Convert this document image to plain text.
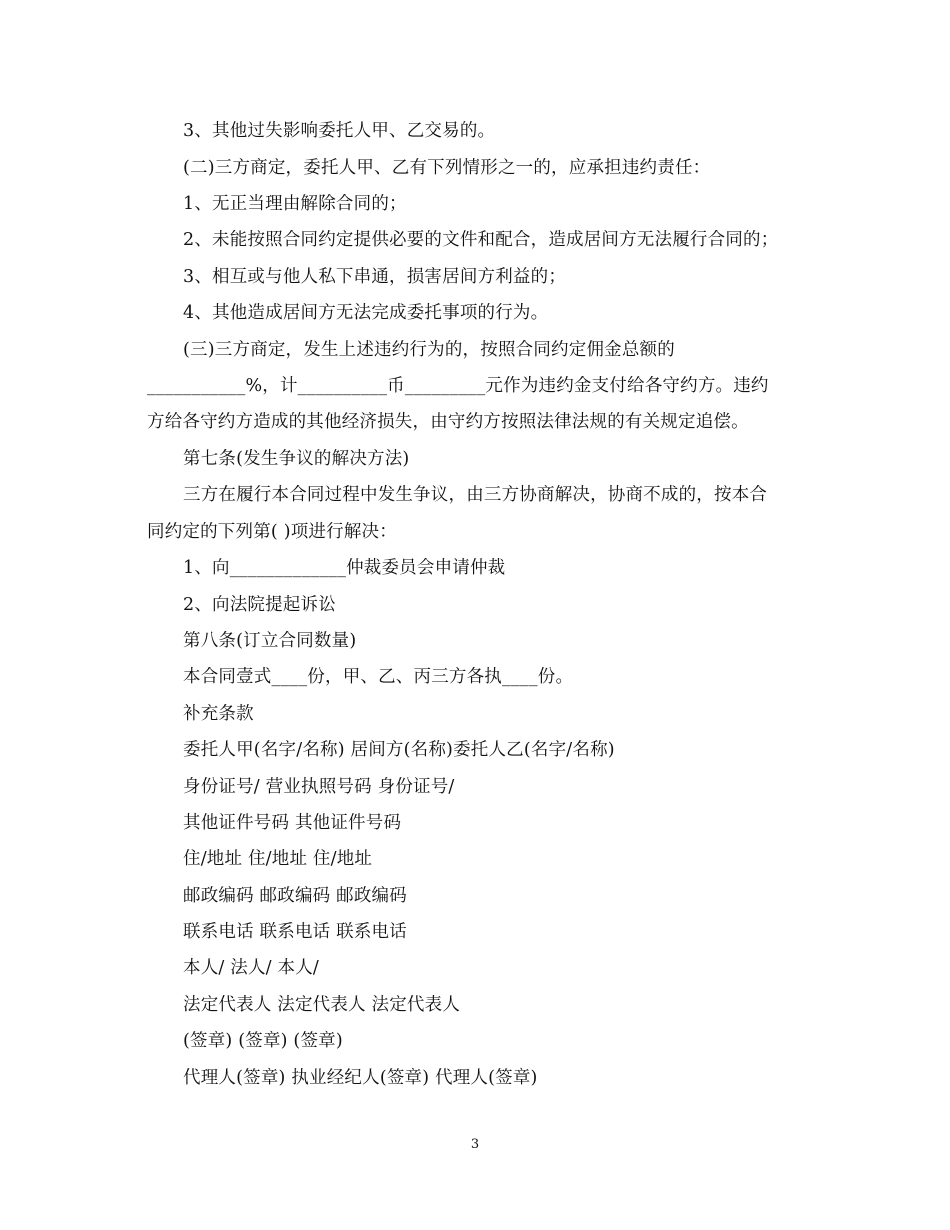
3、其他过失影响委托人甲、乙交易的。
(二)三方商定，委托人甲、乙有下列情形之一的，应承担违约责任：
1、无正当理由解除合同的；
2、未能按照合同约定提供必要的文件和配合，造成居间方无法履行合同的；
3、相互或与他人私下串通，损害居间方利益的；
4、其他造成居间方无法完成委托事项的行为。
(三)三方商定，发生上述违约行为的，按照合同约定佣金总额的
___________%，计__________币_________元作为违约金支付给各守约方。违约
方给各守约方造成的其他经济损失，由守约方按照法律法规的有关规定追偿。
第七条(发生争议的解决方法)
三方在履行本合同过程中发生争议，由三方协商解决，协商不成的，按本合
同约定的下列第( )项进行解决：
1、向_____________仲裁委员会申请仲裁
2、向法院提起诉讼
第八条(订立合同数量)
本合同壹式____份，甲、乙、丙三方各执____份。
补充条款
委托人甲(名字/名称) 居间方(名称)委托人乙(名字/名称)
身份证号/ 营业执照号码 身份证号/
其他证件号码 其他证件号码
住/地址 住/地址 住/地址
邮政编码 邮政编码 邮政编码
联系电话 联系电话 联系电话
本人/ 法人/ 本人/
法定代表人 法定代表人 法定代表人
(签章) (签章) (签章)
代理人(签章) 执业经纪人(签章) 代理人(签章)
3
